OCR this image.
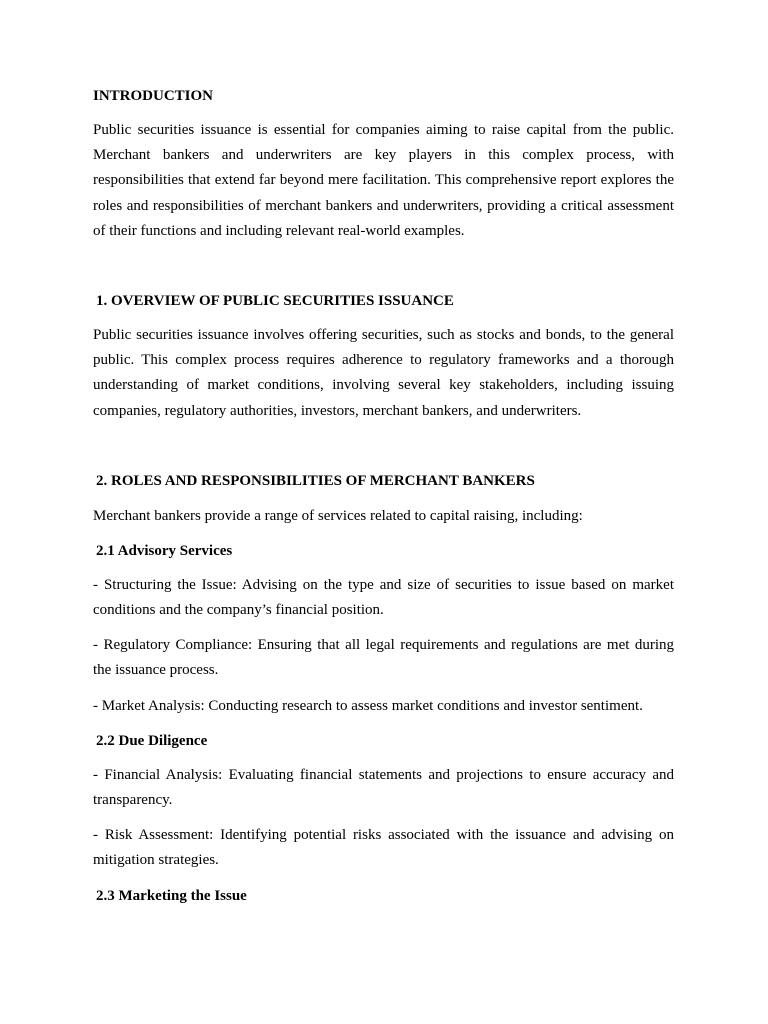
INTRODUCTION

Public securities issuance is essential for companies aiming to raise capital from the public. Merchant bankers and underwriters are key players in this complex process, with responsibilities that extend far beyond mere facilitation. This comprehensive report explores the roles and responsibilities of merchant bankers and underwriters, providing a critical assessment of their functions and including relevant real-world examples.

1. OVERVIEW OF PUBLIC SECURITIES ISSUANCE

Public securities issuance involves offering securities, such as stocks and bonds, to the general public. This complex process requires adherence to regulatory frameworks and a thorough understanding of market conditions, involving several key stakeholders, including issuing companies, regulatory authorities, investors, merchant bankers, and underwriters.

2. ROLES AND RESPONSIBILITIES OF MERCHANT BANKERS

Merchant bankers provide a range of services related to capital raising, including:

2.1 Advisory Services

- Structuring the Issue: Advising on the type and size of securities to issue based on market conditions and the company’s financial position.

- Regulatory Compliance: Ensuring that all legal requirements and regulations are met during the issuance process.

- Market Analysis: Conducting research to assess market conditions and investor sentiment.

2.2 Due Diligence

- Financial Analysis: Evaluating financial statements and projections to ensure accuracy and transparency.

- Risk Assessment: Identifying potential risks associated with the issuance and advising on mitigation strategies.

2.3 Marketing the Issue
